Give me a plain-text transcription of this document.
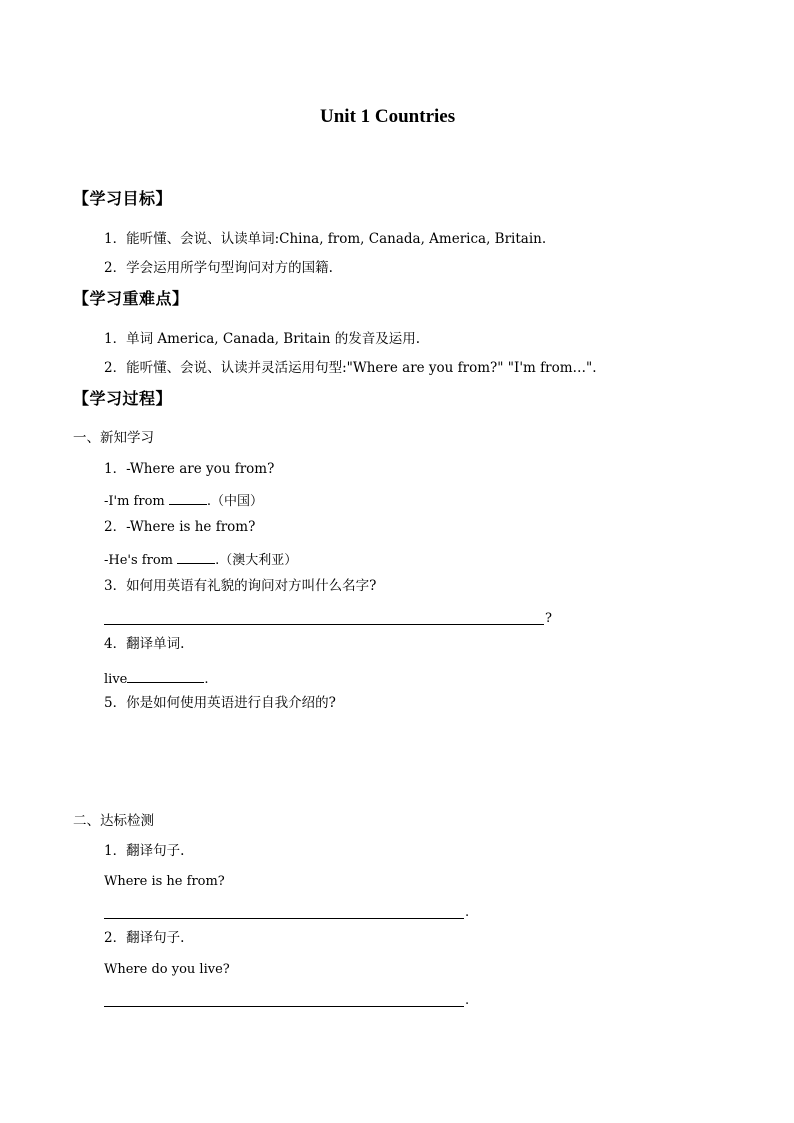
Unit 1 Countries
【学习目标】
1．能听懂、会说、认读单词:China, from, Canada, America, Britain.
2．学会运用所学句型询问对方的国籍.
【学习重难点】
1．单词 America, Canada, Britain 的发音及运用.
2．能听懂、会说、认读并灵活运用句型:"Where are you from?" "I'm from…".
【学习过程】
一、新知学习
1．-Where are you from?
-I'm from	.（中国）
2．-Where is he from?
-He's from	.（澳大利亚）
3．如何用英语有礼貌的询问对方叫什么名字?
?
4．翻译单词.
live	.
5．你是如何使用英语进行自我介绍的?
二、达标检测
1．翻译句子.
Where is he from?
.
2．翻译句子.
Where do you live?
.
